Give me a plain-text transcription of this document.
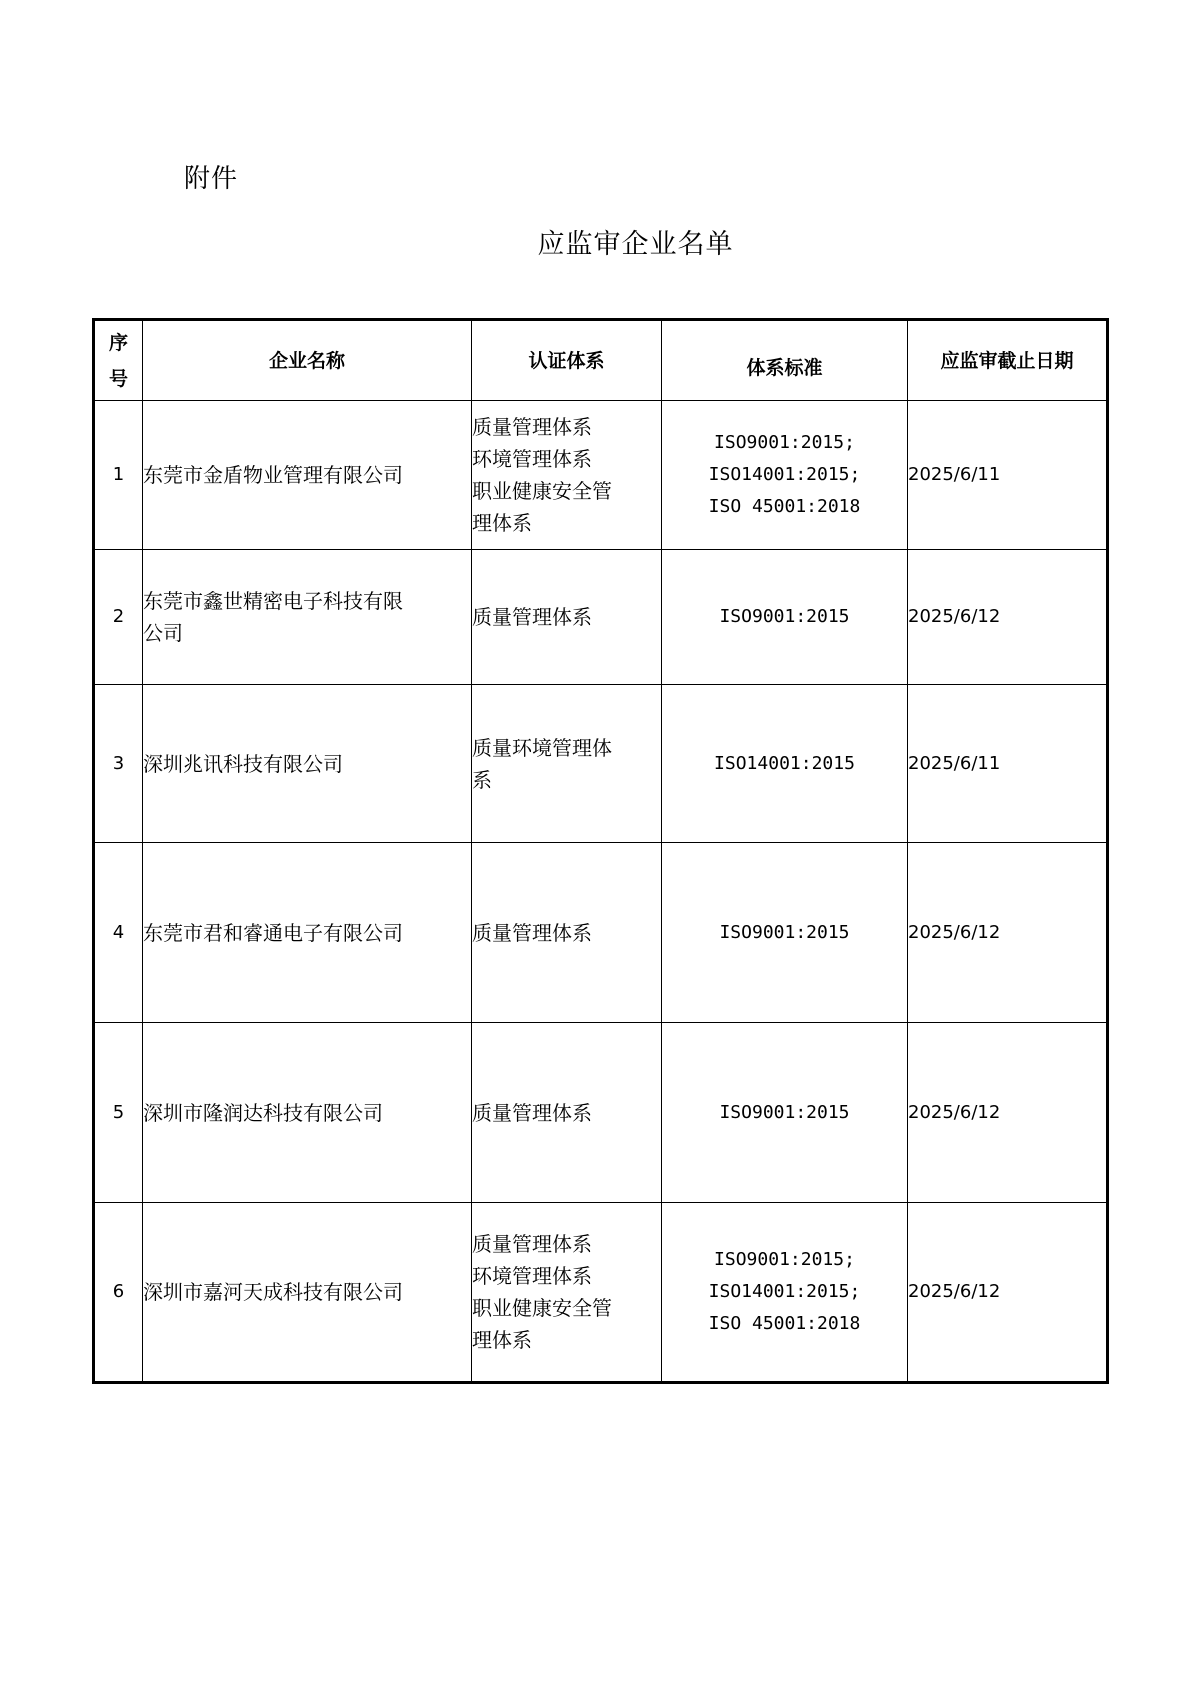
附件
应监审企业名单
序
号	企业名称	认证体系	体系标准	应监审截止日期
1	东莞市金盾物业管理有限公司	质量管理体系
环境管理体系
职业健康安全管
理体系	ISO9001:2015;
ISO14001:2015;
ISO 45001:2018	2025/6/11
2	东莞市鑫世精密电子科技有限
公司	质量管理体系	ISO9001:2015	2025/6/12
3	深圳兆讯科技有限公司	质量环境管理体
系	ISO14001:2015	2025/6/11
4	东莞市君和睿通电子有限公司	质量管理体系	ISO9001:2015	2025/6/12
5	深圳市隆润达科技有限公司	质量管理体系	ISO9001:2015	2025/6/12
6	深圳市嘉河天成科技有限公司	质量管理体系
环境管理体系
职业健康安全管
理体系	ISO9001:2015;
ISO14001:2015;
ISO 45001:2018	2025/6/12
